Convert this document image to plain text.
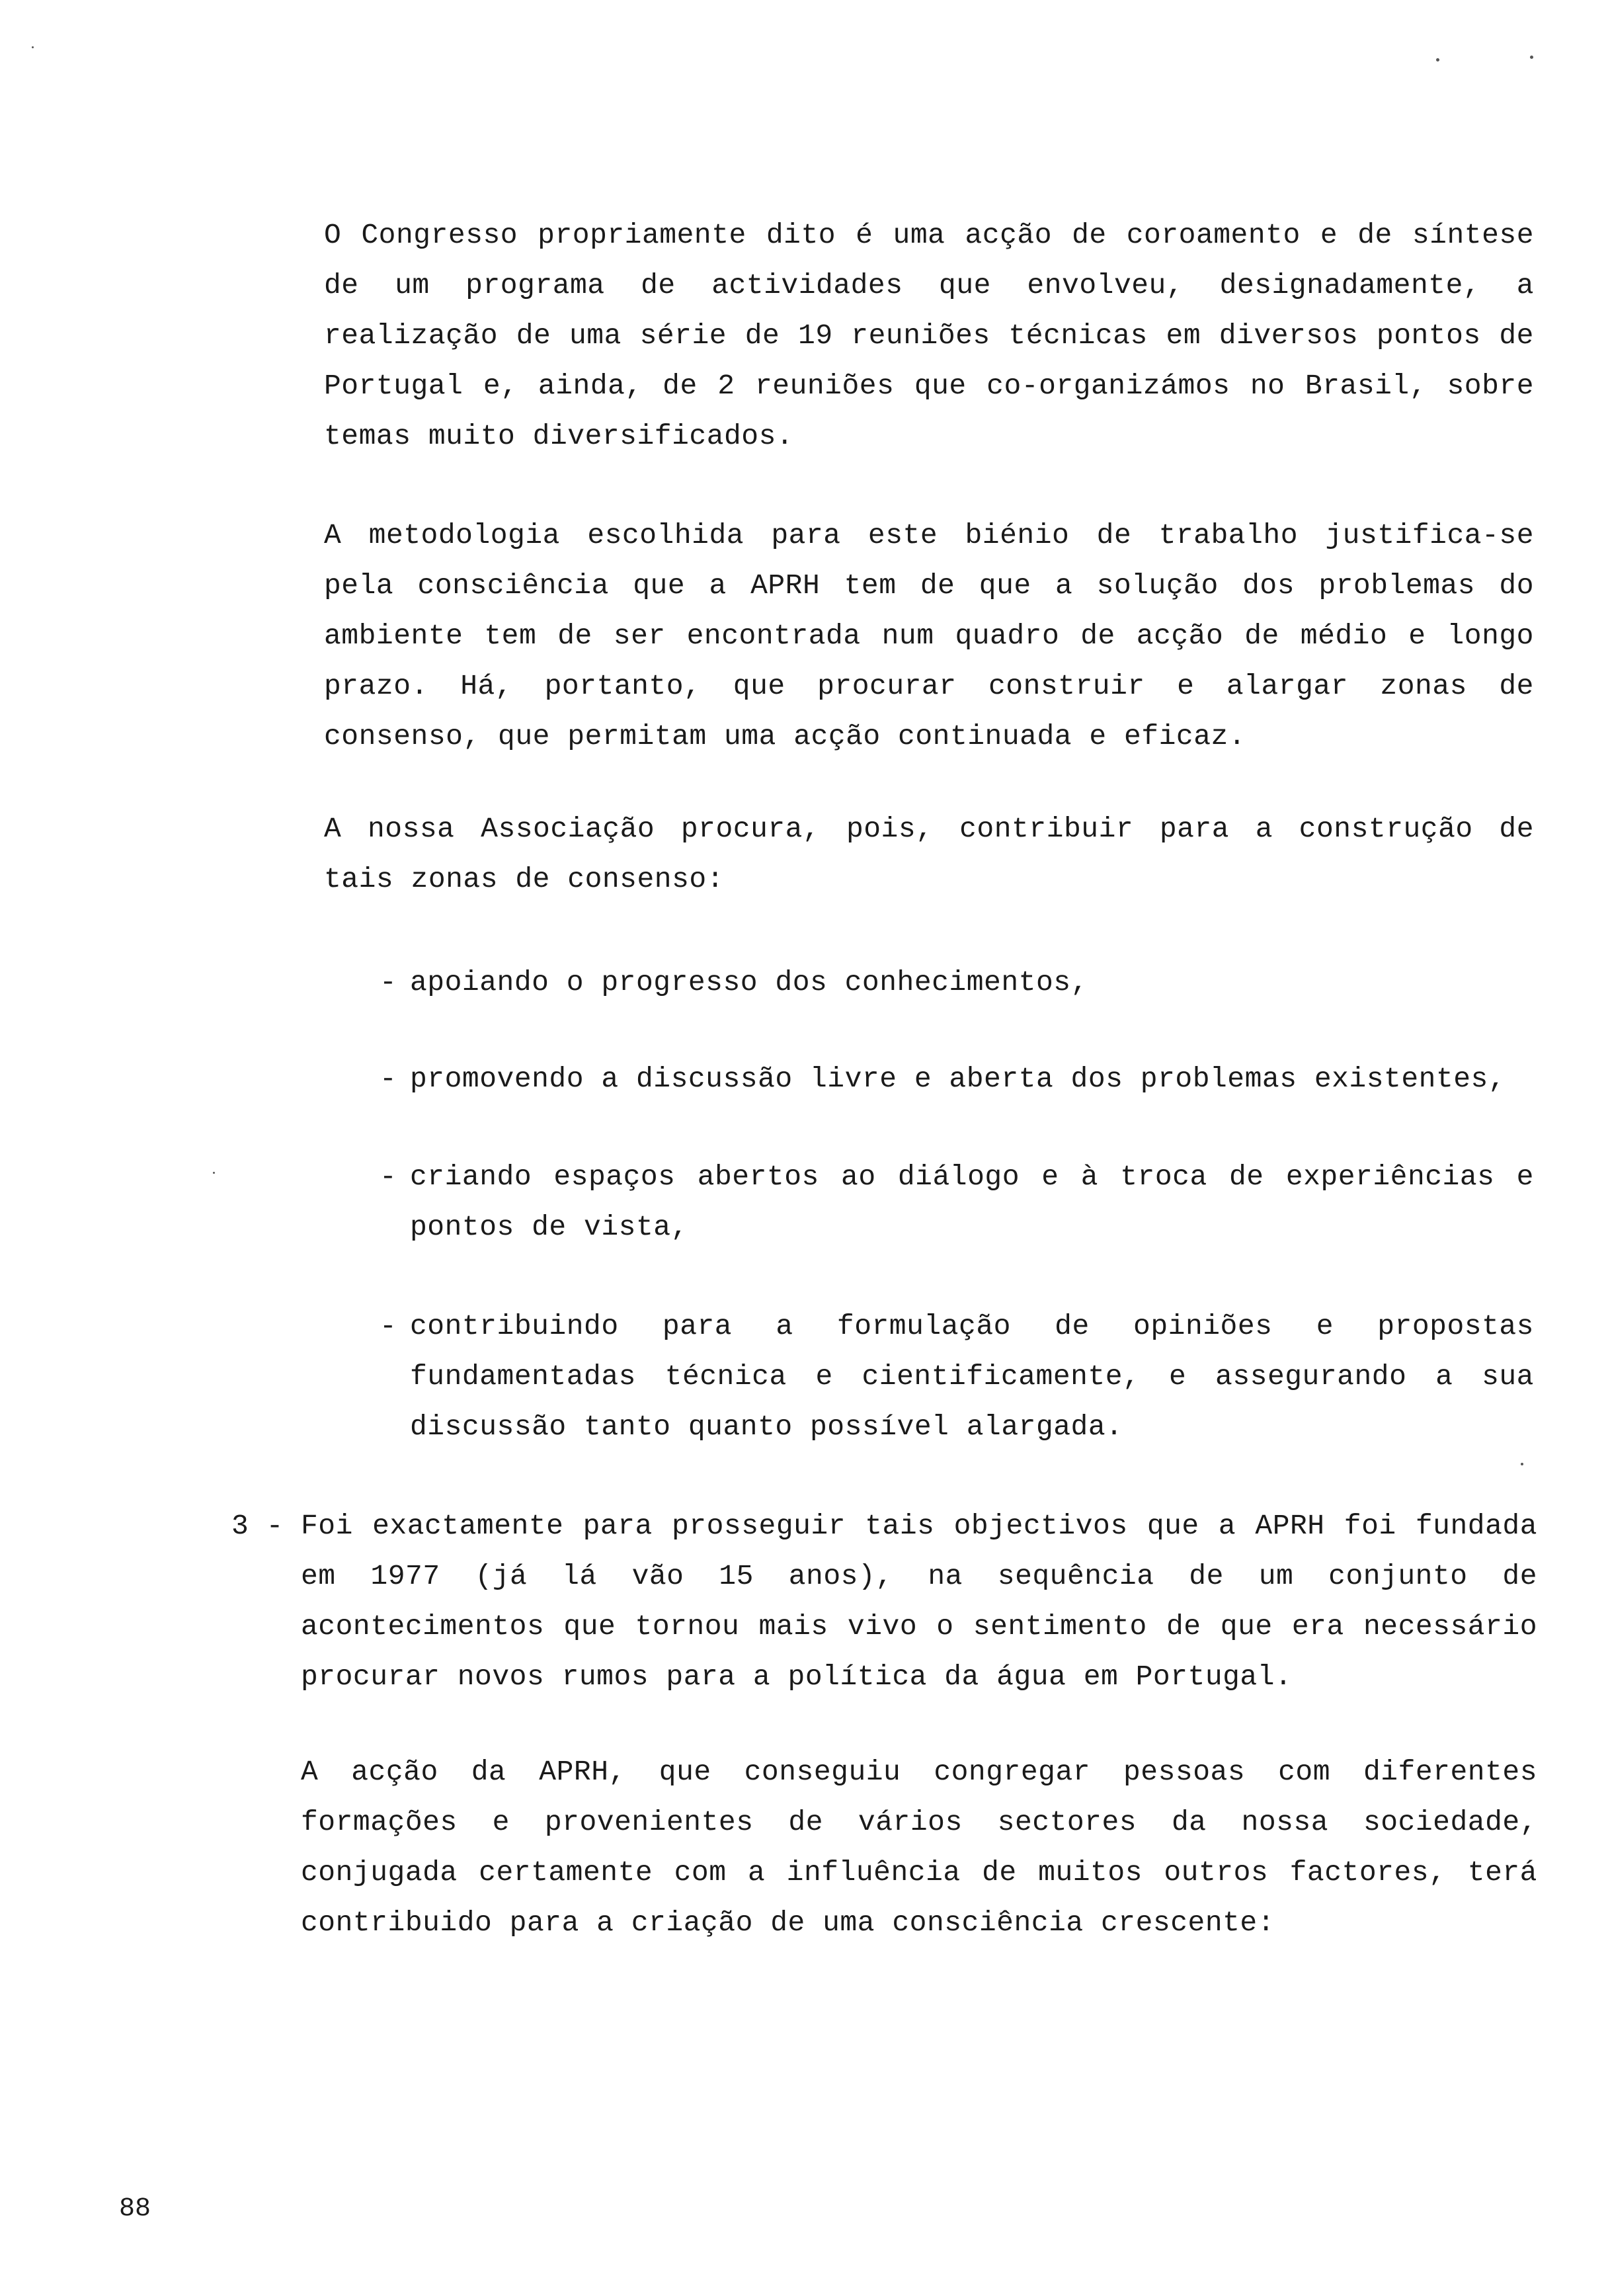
O Congresso propriamente dito é uma acção de coroamento e de síntese de um programa de actividades que envolveu, designadamente, a realização de uma série de 19 reuniões técnicas em diversos pontos de Portugal e, ainda, de 2 reuniões que co-organizámos no Brasil, sobre temas muito diversificados.

A metodologia escolhida para este biénio de trabalho justifica-se pela consciência que a APRH tem de que a solução dos problemas do ambiente tem de ser encontrada num quadro de acção de médio e longo prazo. Há, portanto, que procurar construir e alargar zonas de consenso, que permitam uma acção continuada e eficaz.

A nossa Associação procura, pois, contribuir para a construção de tais zonas de consenso:

- apoiando o progresso dos conhecimentos,
- promovendo a discussão livre e aberta dos problemas existentes,
- criando espaços abertos ao diálogo e à troca de experiências e pontos de vista,
- contribuindo para a formulação de opiniões e propostas fundamentadas técnica e cientificamente, e assegurando a sua discussão tanto quanto possível alargada.
3 - Foi exactamente para prosseguir tais objectivos que a APRH foi fundada em 1977 (já lá vão 15 anos), na sequência de um conjunto de acontecimentos que tornou mais vivo o sentimento de que era necessário procurar novos rumos para a política da água em Portugal.

A acção da APRH, que conseguiu congregar pessoas com diferentes formações e provenientes de vários sectores da nossa sociedade, conjugada certamente com a influência de muitos outros factores, terá contribuido para a criação de uma consciência crescente:

88
